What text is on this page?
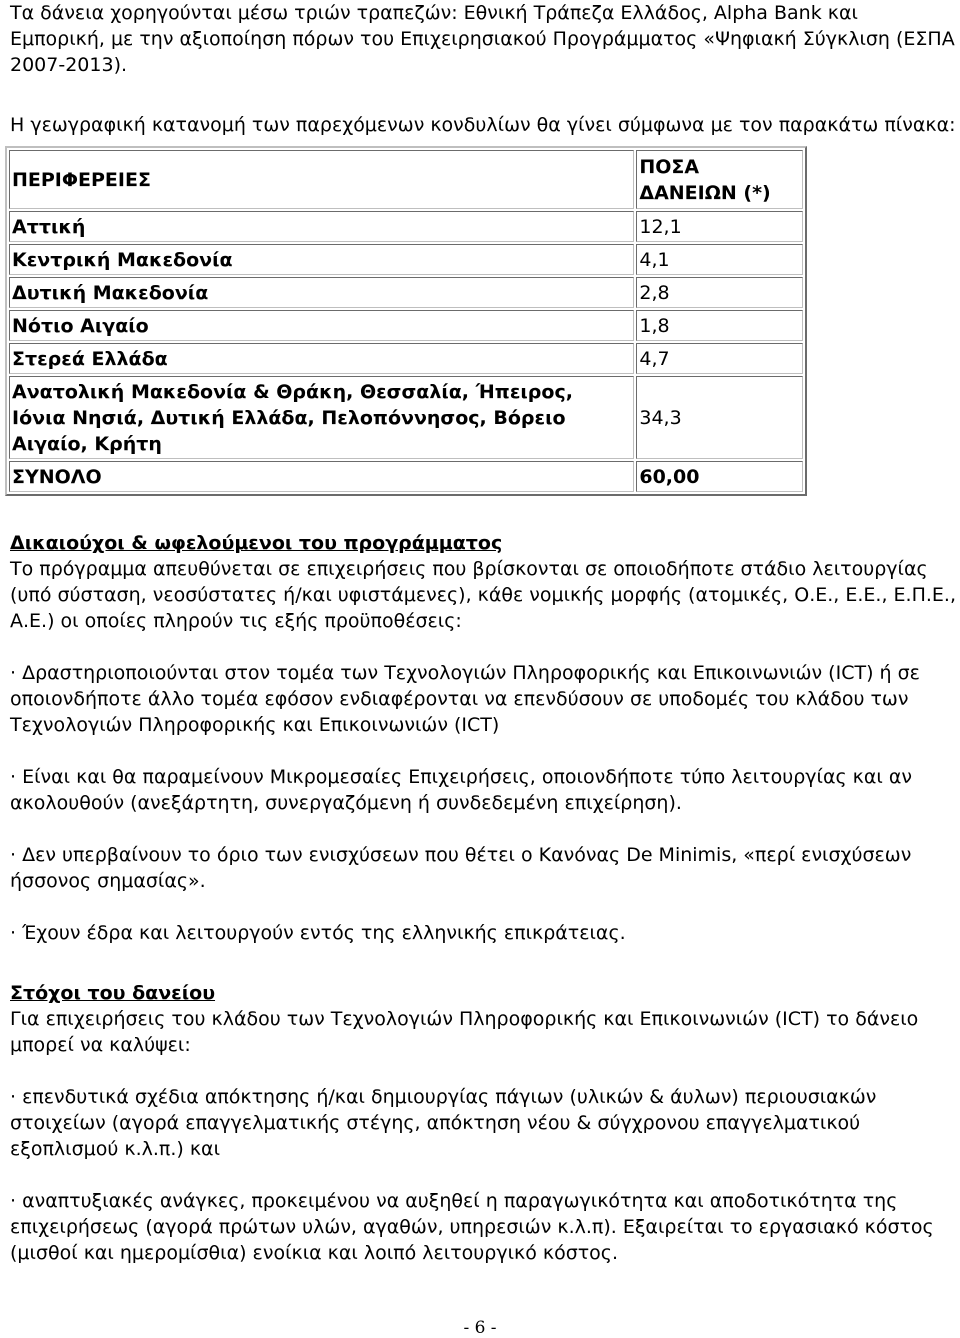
Τα δάνεια χορηγούνται μέσω τριών τραπεζών: Εθνική Τράπεζα Ελλάδος, Alpha Bank και Εμπορική, με την αξιοποίηση πόρων του Επιχειρησιακού Προγράμματος «Ψηφιακή Σύγκλιση (ΕΣΠΑ 2007-2013).

Η γεωγραφική κατανομή των παρεχόμενων κονδυλίων θα γίνει σύμφωνα με τον παρακάτω πίνακα:

ΠΕΡΙΦΕΡΕΙΕΣ	ΠΟΣΑ ΔΑΝΕΙΩΝ (*)
Αττική	12,1
Κεντρική Μακεδονία	4,1
Δυτική Μακεδονία	2,8
Νότιο Αιγαίο	1,8
Στερεά Ελλάδα	4,7
Ανατολική Μακεδονία & Θράκη, Θεσσαλία, Ήπειρος, Ιόνια Νησιά, Δυτική Ελλάδα, Πελοπόννησος, Βόρειο Αιγαίο, Κρήτη	34,3
ΣΥΝΟΛΟ	60,00

Δικαιούχοι & ωφελούμενοι του προγράμματος

Το πρόγραμμα απευθύνεται σε επιχειρήσεις που βρίσκονται σε οποιοδήποτε στάδιο λειτουργίας (υπό σύσταση, νεοσύστατες ή/και υφιστάμενες), κάθε νομικής μορφής (ατομικές, Ο.Ε., Ε.Ε., Ε.Π.Ε., Α.Ε.) οι οποίες πληρούν τις εξής προϋποθέσεις:

· Δραστηριοποιούνται στον τομέα των Τεχνολογιών Πληροφορικής και Επικοινωνιών (ICT) ή σε οποιονδήποτε άλλο τομέα εφόσον ενδιαφέρονται να επενδύσουν σε υποδομές του κλάδου των Τεχνολογιών Πληροφορικής και Επικοινωνιών (ICT)

· Είναι και θα παραμείνουν Μικρομεσαίες Επιχειρήσεις, οποιονδήποτε τύπο λειτουργίας και αν ακολουθούν (ανεξάρτητη, συνεργαζόμενη ή συνδεδεμένη επιχείρηση).

· Δεν υπερβαίνουν το όριο των ενισχύσεων που θέτει ο Κανόνας De Minimis, «περί ενισχύσεων ήσσονος σημασίας».

· Έχουν έδρα και λειτουργούν εντός της ελληνικής επικράτειας.

Στόχοι του δανείου

Για επιχειρήσεις του κλάδου των Τεχνολογιών Πληροφορικής και Επικοινωνιών (ICT) το δάνειο μπορεί να καλύψει:

· επενδυτικά σχέδια απόκτησης ή/και δημιουργίας πάγιων (υλικών & άυλων) περιουσιακών στοιχείων (αγορά επαγγελματικής στέγης, απόκτηση νέου & σύγχρονου επαγγελματικού εξοπλισμού κ.λ.π.) και

· αναπτυξιακές ανάγκες, προκειμένου να αυξηθεί η παραγωγικότητα και αποδοτικότητα της επιχειρήσεως (αγορά πρώτων υλών, αγαθών, υπηρεσιών κ.λ.π). Εξαιρείται το εργασιακό κόστος (μισθοί και ημερομίσθια) ενοίκια και λοιπό λειτουργικό κόστος.

- 6 -
